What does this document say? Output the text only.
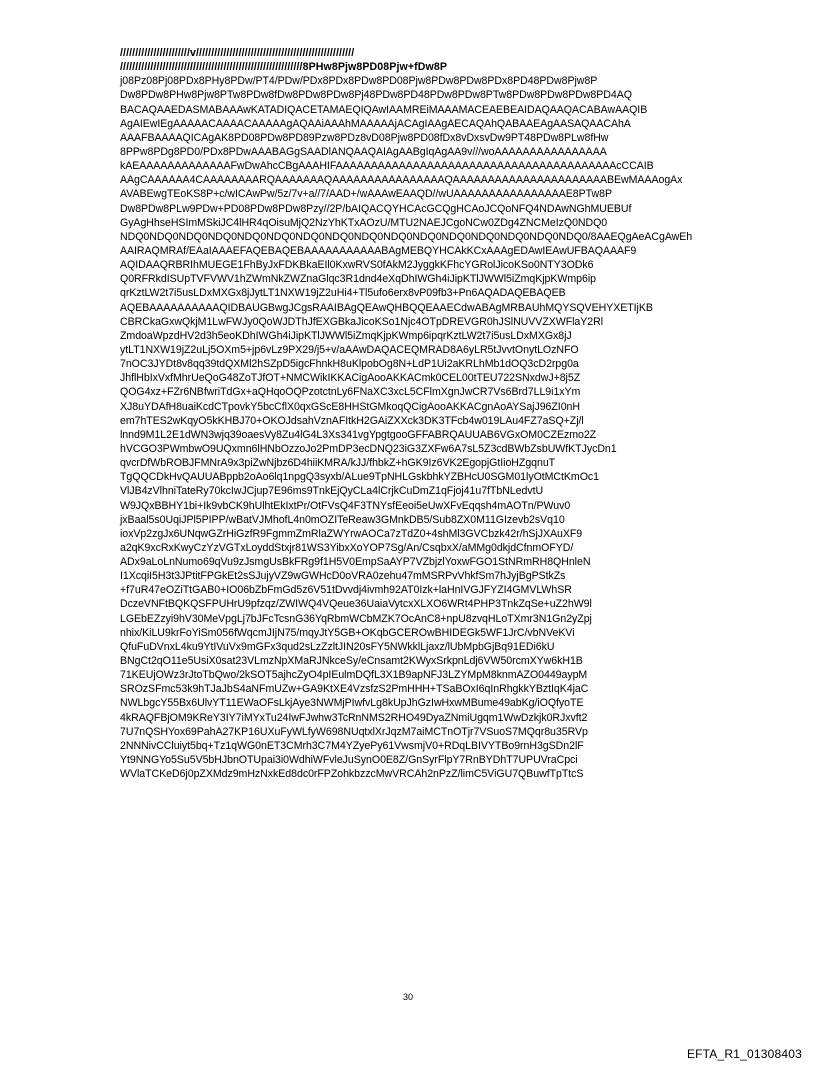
///////////////////////v////////////////////////////////////////////////////
////////////////////////////////////////////////////////////8PHw8Pjw8PD08Pjw+fDw8P
j08Pz08Pj08PDx8PHy8PDw/PT4/PDw/PDx8PDx8PDw8PD08Pjw8PDw8PDw8PDx8PD48PDw8Pjw8P
Dw8PDw8PHw8Pjw8PTw8PDw8fDw8PDw8PDw8Pj48PDw8PD48PDw8PDw8PTw8PDw8PDw8PDw8PD4AQ
BACAQAAEDASMABAAAwKATADIQACETAMAEQIQAwIAAMREiMAAAMACEAEBEAIDAQAAQACABAwAAQIB
AgAIEwIEgAAAAACAAAACAAAAAgAQAAiAAAhMAAAAAjACAgIAAgAECAQAhQABAAEAgAASAQAACAhA
AAAFBAAAAQICAgAK8PD08PDw8PD89Pzw8PDz8vD08Pjw8PD08fDx8vDxsvDw9PT48PDw8PLw8fHw
8PPw8PDg8PD0/PDx8PDwAAABAGgSAADlANQAAQAIAgAABgIqAgAA9v///woAAAAAAAAAAAAAAAA
kAEAAAAAAAAAAAAAFwDwAhcCBgAAAHIFAAAAAAAAAAAAAAAAAAAAAAAAAAAAAAAAAAAAAAAAcCCAIB
AAgCAAAAAA4CAAAAAAAARQAAAAAAAQAAAAAAAAAAAAAAAAQAAAAAAAAAAAAAAAAAAAAAABEwMAAAogAx
AVABEwgTEoKS8P+c/wICAwPw/5z/7v+a//7/AAD+/wAAAwEAAQD//wUAAAAAAAAAAAAAAAAE8PTw8P
Dw8PDw8PLw9PDw+PD08PDw8PDw8Pzy//2P/bAIQACQYHCAcGCQgHCAoJCQoNFQ4NDAwNGhMUEBUf
GyAgHhseHSImMSkiJC4lHR4qOisuMjQ2NzYhKTxAOzU/MTU2NAEJCgoNCw0ZDg4ZNCMeIzQ0NDQ0
NDQ0NDQ0NDQ0NDQ0NDQ0NDQ0NDQ0NDQ0NDQ0NDQ0NDQ0NDQ0NDQ0NDQ0NDQ0NDQ0/8AAEQgAeACgAwEh
AAIRAQMRAf/EAaIAAAEFAQEBAQEBAAAAAAAAAAABAgMEBQYHCAkKCxAAAgEDAwIEAwUFBAQAAAF9
AQIDAAQRBRIhMUEGE1FhByJxFDKBkaEIl0KxwRVS0fAkM2JyggkKFhcYGRolJicoKSo0NTY3ODk6
Q0RFRkdISUpTVFVWV1hZWmNkZWZnaGlqc3R1dnd4eXqDhIWGh4iJipKTlJWWl5iZmqKjpKWmp6ip
qrKztLW2t7i5usLDxMXGx8jJytLT1NXW19jZ2uHi4+Tl5ufo6erx8vP09fb3+Pn6AQADAQEBAQEB
AQEBAAAAAAAAAAQIDBAUGBwgJCgsRAAIBAgQEAwQHBQQEAAECdwABAgMRBAUhMQYSQVEHYXETIjKB
CBRCkaGxwQkjM1LwFWJy0QoWJDThJfEXGBkaJicoKSo1Njc4OTpDREVGR0hJSlNUVVZXWFlaY2Rl
ZmdoaWpzdHV2d3h5eoKDhIWGh4iJipKTlJWWl5iZmqKjpKWmp6ipqrKztLW2t7i5usLDxMXGx8jJ
ytLT1NXW19jZ2uLj5OXm5+jp6vLz9PX29/j5+v/aAAwDAQACEQMRAD8A6yLR5tJvvtOnytLOzNFO
7nOC3JYDt8v8qq39tdQXMl2hSZpD5igcFhnkH8uKlpobOg8N+LdP1Ui2aKRLhMb1dOQ3cD2rpg0a
JhflHbIxVxfMhrUeQoG48ZoTJfOT+NMCWikIKKACigAooAKKACmk0CEL00tTEU722SNxdwJ+8j5Z
QOG4xz+FZr6NBfwriTdGx+aQHqoOQPzotctnLy6FNaXC3xcL5CFlmXgnJwCR7Vs6Brd7LL9i1xYm
XJ8uYDAfH8uaiKcdCTpovkY5bcCflX0qxGScE8HHStGMkoqQCigAooAKKACgnAoAYSajJ96ZI0nH
em7hTES2wKqyO5kKHBJ70+OKOJdsahVznAFItkH2GAiZXXck3DK3TFcb4w019LAu4FZ7aSQ+Zj/l
lnnd9M1L2E1dWN3wjq39oaesVy8Zu4lG4L3Xs341vgYpgtgooGFFABRQAUUAB6VGxOM0CZEzmo2Z
hVCGO3PWmbwO9UQxmn6lHNbOzzoJo2PmDP3ecDNQ23iG3ZXFw6A7sL5Z3cdBWbZsbUWfKTJycDn1
qvcrDfWbROBJFMNrA9x3piZwNjbz6D4hiiKMRA/kJJ/fhbkZ+hGK9Iz6VK2EgopjGtIioHZgqnuT
TgQQCDkHvQAUUABppb2oAo6lq1npgQ3syxb/ALue9TpNHLGskbhkYZBHcU0SGM01lyOtMCtKmOc1
VlJB4zVlhniTateRy70kcIwJCjup7E96ms9TnkEjQyCLa4lCrjkCuDmZ1qFjoj41u7fTbNLedvtU
W9JQxBBHY1bi+Ik9vbCK9hUlhtEkIxtPr/OtFVsQ4F3TNYsfEeoi5eUwXFvEqqsh4mAOTn/PWuv0
jxBaal5s0UqiJPl5PIPP/wBatVJMhofL4n0mOZITeReaw3GMnkDB5/Sub8ZX0M11GIzevb2sVq10
ioxVp2zgJx6UNqwGZrHiGzfR9FgmmZmRlaZWYrwAOCa7zTdZ0+4shMl3GVCbzk42r/hSjJXAuXF9
a2qK9xcRxKwyCzYzVGTxLoyddStxjr81WS3YibxXoYOP7Sg/An/CsqbxX/aMMg0dkjdCfnmOFYD/
ADx9aLoLnNumo69qVu9zJsmgUsBkFRg9f1H5V0EmpSaAYP7VZbjzlYoxwFGO1StNRmRH8QHnleN
I1XcqiI5H3t3JPtitFPGkEt2sSJujyVZ9wGWHcD0oVRA0zehu47mMSRPvVhkfSm7hJyjBgPStkZs
+f7uR47eOZiTtGAB0+IO06bZbFmGd5z6V51tDvvdj4ivmh92AT0Izk+laHnIVGJFYZI4GMVLWhSR
DczeVNFtBQKQSFPUHrU9pfzqz/ZWIWQ4VQeue36UaiaVytcxXLXO6WRt4PHP3TnkZqSe+uZ2hW9l
LGEbEZzyi9hV30MeVpgLj7bJFcTcsnG36YqRbmWCbMZK7OcAnC8+npU8zvqHLoTXmr3N1Gn2yZpj
nhix/KiLU9krFoYiSm056fWqcmJIjN75/mqyJtY5GB+OKqbGCEROwBHIDEGk5WF1JrC/vbNVeKVi
QfuFuDVnxL4ku9YtIVuVx9mGFx3qud2sLzZzltJIN20sFY5NWkklLjaxz/lUbMpbGjBq91EDi6kU
BNgCt2qO11e5UsiX0sat23VLmzNpXMaRJNkceSy/eCnsamt2KWyxSrkpnLdj6VW50rcmXYw6kH1B
71KEUjOWz3rJtoTbQwo/2kSOT5ajhcZyO4pIEulmDQfL3X1B9apNFJ3LZYMpM8knmAZO0449aypM
SROzSFmc53k9hTJaJbS4aNFmUZw+GA9KtXE4VzsfzS2PmHHH+TSaBOxI6qInRhgkkYBztIqK4jaC
NWLbgcY55Bx6UlvYT11EWaOFsLkjAye3NWMjPIwfvLg8kUpJhGzIwHxwMBume49abKg/iOQfyoTE
4kRAQFBjOM9KReY3IY7iMYxTu24IwFJwhw3TcRnNMS2RHO49DyaZNmiUgqm1WwDzkjk0RJxvft2
7U7nQSHYox69PahA27KP16UXuFyWLfyW698NUqtxlXrJqzM7aiMCTnOTjr7VSuoS7MQqr8u35RVp
2NNNivCCluiyt5bq+Tz1qWG0nET3CMrh3C7M4YZyePy61VwsmjV0+RDqLBIVYTBo9rnH3gSDn2lF
Yt9NNGYo5Su5V5bHJbnOTUpai3i0WdhiWFvleJuSynO0E8Z/GnSyrFlpY7RnBYDhT7UPUVraCpci
WVlaTCKeD6j0pZXMdz9mHzNxkEd8dc0rFPZohkbzzcMwVRCAh2nPzZ/limC5ViGU7QBuwfTpTtcS
30
EFTA_R1_01308403
